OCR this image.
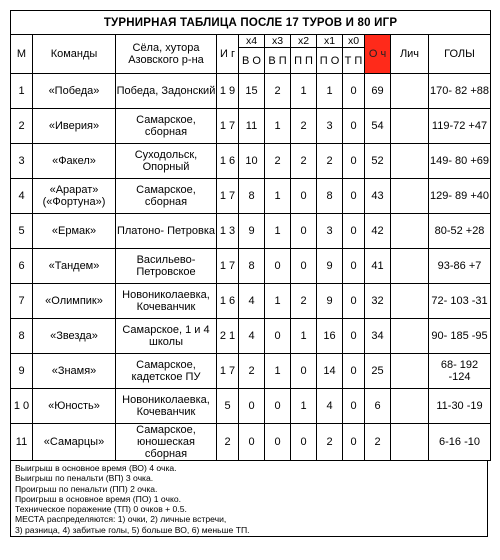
ТУРНИРНАЯ ТАБЛИЦА ПОСЛЕ 17 ТУРОВ И 80 ИГР											
М	Команды	Сёла, хутора Азовского р-на	И г	x4	x3	x2	x1	x0	О ч	Лич	ГОЛЫ
				В О	В П	П П	П О	Т П			
1	«Победа»	Победа, Задонский	1 9	15	2	1	1	0	69		170- 82 +88
2	«Иверия»	Самарское, сборная	1 7	11	1	2	3	0	54		119-72 +47
3	«Факел»	Суходольск, Опорный	1 6	10	2	2	2	0	52		149- 80 +69
4	«Арарат» («Фортуна»)	Самарское, сборная	1 7	8	1	0	8	0	43		129- 89 +40
5	«Ермак»	Платоно- Петровка	1 3	9	1	0	3	0	42		80-52 +28
6	«Тандем»	Васильево- Петровское	1 7	8	0	0	9	0	41		93-86 +7
7	«Олимпик»	Новониколаевка, Кочеванчик	1 6	4	1	2	9	0	32		72- 103 -31
8	«Звезда»	Самарское, 1 и 4 школы	2 1	4	0	1	16	0	34		90- 185 -95
9	«Знамя»	Самарское, кадетское ПУ	1 7	2	1	0	14	0	25		68- 192 -124
1 0	«Юность»	Новониколаевка, Кочеванчик	5	0	0	1	4	0	6		11-30 -19
11	«Самарцы»	Самарское, юношеская сборная	2	0	0	0	2	0	2		6-16 -10
Выигрыш в основное время (ВО) 4 очка.
Выигрыш по пенальти (ВП) 3 очка.
Проигрыш по пенальти (ПП) 2 очка.
Проигрыш в основное время (ПО) 1 очко.
Техническое поражение (ТП) 0 очков + 0.5.
МЕСТА распределяются: 1) очки, 2) личные встречи,
3) разница, 4) забитые голы, 5) больше ВО, 6) меньше ТП.
